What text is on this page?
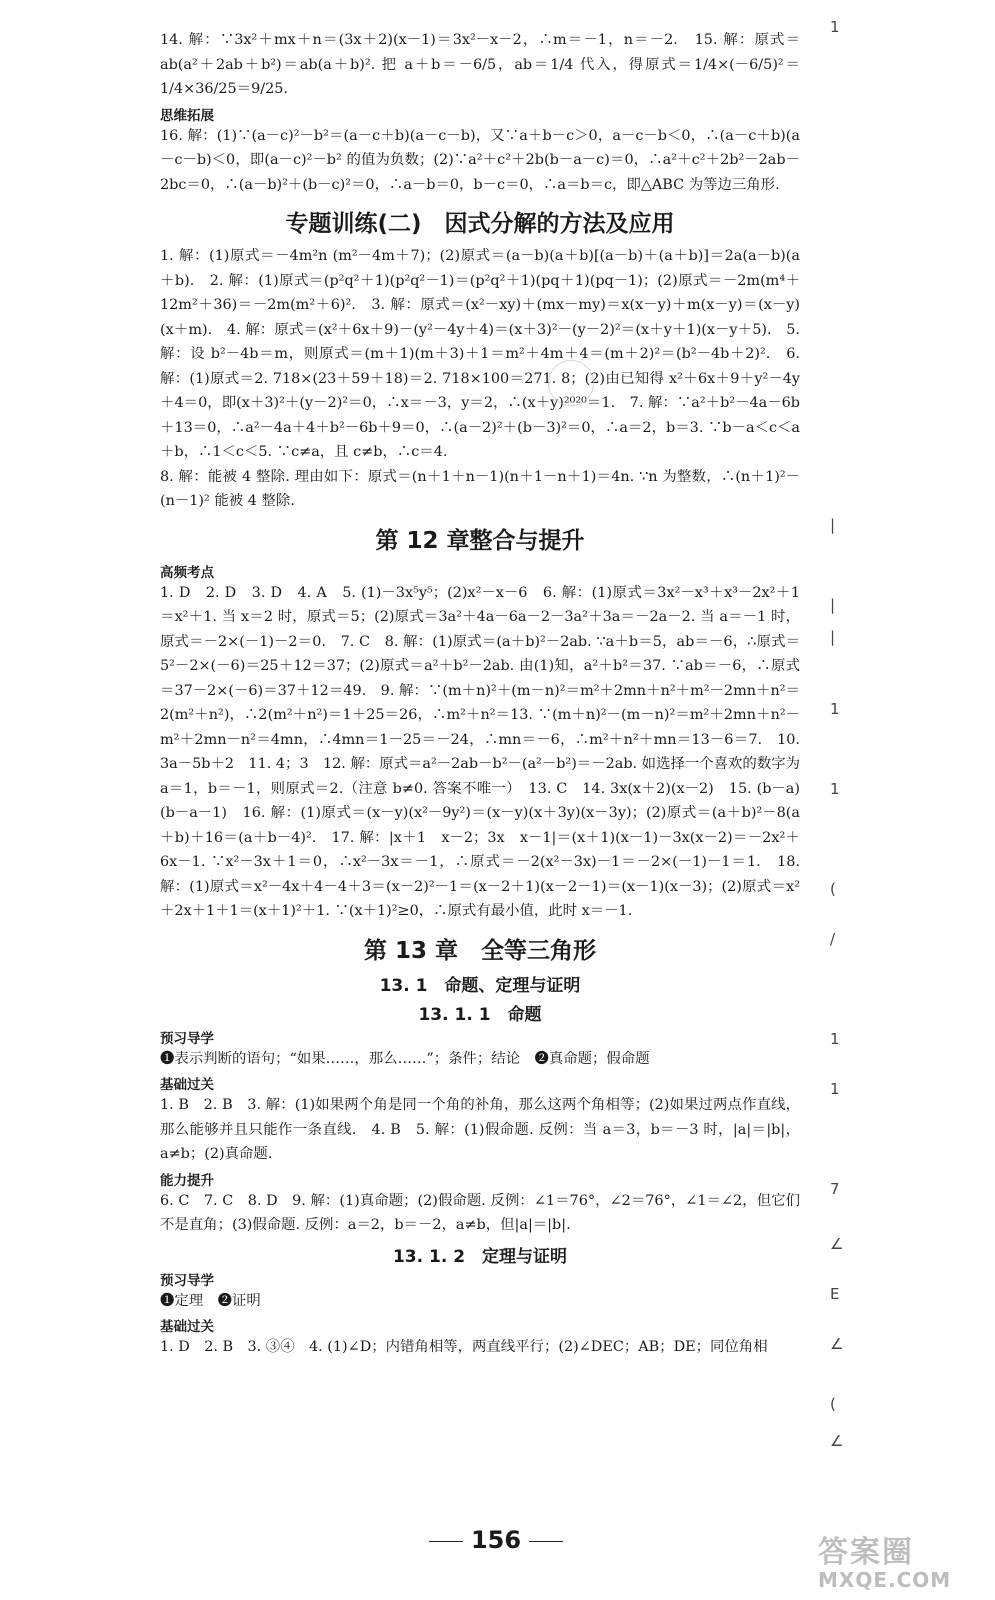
14. 解：∵3x²＋mx＋n＝(3x＋2)(x－1)＝3x²－x－2，∴m＝－1，n＝－2.　15. 解：原式＝ab(a²＋2ab＋b²)＝ab(a＋b)². 把 a＋b＝－6/5，ab＝1/4 代入，得原式＝1/4×(－6/5)²＝1/4×36/25＝9/25.
思维拓展
16. 解：(1)∵(a－c)²－b²＝(a－c＋b)(a－c－b)，又∵a＋b－c＞0，a－c－b＜0，∴(a－c＋b)(a－c－b)＜0，即(a－c)²－b² 的值为负数；(2)∵a²＋c²＋2b(b－a－c)＝0，∴a²＋c²＋2b²－2ab－2bc＝0，∴(a－b)²＋(b－c)²＝0，∴a－b＝0，b－c＝0，∴a＝b＝c，即△ABC 为等边三角形.
专题训练(二)　因式分解的方法及应用
1. 解：(1)原式＝－4m²n (m²－4m＋7)；(2)原式＝(a－b)(a＋b)[(a－b)＋(a＋b)]＝2a(a－b)(a＋b).　2. 解：(1)原式＝(p²q²＋1)(p²q²－1)＝(p²q²＋1)(pq＋1)(pq－1)；(2)原式＝－2m(m⁴＋12m²＋36)＝－2m(m²＋6)².　3. 解：原式＝(x²－xy)＋(mx－my)＝x(x－y)＋m(x－y)＝(x－y)(x＋m).　4. 解：原式＝(x²＋6x＋9)－(y²－4y＋4)＝(x＋3)²－(y－2)²＝(x＋y＋1)(x－y＋5).　5. 解：设 b²－4b＝m，则原式＝(m＋1)(m＋3)＋1＝m²＋4m＋4＝(m＋2)²＝(b²－4b＋2)².　6. 解：(1)原式＝2. 718×(23＋59＋18)＝2. 718×100＝271. 8；(2)由已知得 x²＋6x＋9＋y²－4y＋4＝0，即(x＋3)²＋(y－2)²＝0，∴x＝－3，y＝2，∴(x＋y)²⁰²⁰＝1.　7. 解：∵a²＋b²－4a－6b＋13＝0，∴a²－4a＋4＋b²－6b＋9＝0，∴(a－2)²＋(b－3)²＝0，∴a＝2，b＝3. ∵b－a＜c＜a＋b，∴1＜c＜5. ∵c≠a，且 c≠b，∴c＝4.
8. 解：能被 4 整除. 理由如下：原式＝(n＋1＋n－1)(n＋1－n＋1)＝4n. ∵n 为整数，∴(n＋1)²－(n－1)² 能被 4 整除.
第 12 章整合与提升
高频考点
1. D　2. D　3. D　4. A　5. (1)－3x⁵y⁵；(2)x²－x－6　6. 解：(1)原式＝3x²－x³＋x³－2x²＋1＝x²＋1. 当 x＝2 时，原式＝5；(2)原式＝3a²＋4a－6a－2－3a²＋3a＝－2a－2. 当 a＝－1 时，原式＝－2×(－1)－2＝0.　7. C　8. 解：(1)原式＝(a＋b)²－2ab. ∵a＋b＝5，ab＝－6，∴原式＝5²－2×(－6)＝25＋12＝37；(2)原式＝a²＋b²－2ab. 由(1)知，a²＋b²＝37. ∵ab＝－6，∴原式＝37－2×(－6)＝37＋12＝49.　9. 解：∵(m＋n)²＋(m－n)²＝m²＋2mn＋n²＋m²－2mn＋n²＝2(m²＋n²)，∴2(m²＋n²)＝1＋25＝26，∴m²＋n²＝13. ∵(m＋n)²－(m－n)²＝m²＋2mn＋n²－m²＋2mn－n²＝4mn，∴4mn＝1－25＝－24，∴mn＝－6，∴m²＋n²＋mn＝13－6＝7.　10. 3a－5b＋2　11. 4；3　12. 解：原式＝a²－2ab－b²－(a²－b²)＝－2ab. 如选择一个喜欢的数字为 a＝1，b＝－1，则原式＝2.（注意 b≠0. 答案不唯一）　13. C　14. 3x(x＋2)(x－2)　15. (b－a)(b－a－1)　16. 解：(1)原式＝(x－y)(x²－9y²)＝(x－y)(x＋3y)(x－3y)；(2)原式＝(a＋b)²－8(a＋b)＋16＝(a＋b－4)².　17. 解：|x＋1　x－2；3x　x－1|＝(x＋1)(x－1)－3x(x－2)＝－2x²＋6x－1. ∵x²－3x＋1＝0，∴x²－3x＝－1，∴原式＝－2(x²－3x)－1＝－2×(－1)－1＝1.　18. 解：(1)原式＝x²－4x＋4－4＋3＝(x－2)²－1＝(x－2＋1)(x－2－1)＝(x－1)(x－3)；(2)原式＝x²＋2x＋1＋1＝(x＋1)²＋1. ∵(x＋1)²≥0，∴原式有最小值，此时 x＝－1.
第 13 章　全等三角形
13. 1　命题、定理与证明
13. 1. 1　命题
预习导学
❶表示判断的语句；“如果……，那么……”；条件；结论　❷真命题；假命题
基础过关
1. B　2. B　3. 解：(1)如果两个角是同一个角的补角，那么这两个角相等；(2)如果过两点作直线，那么能够并且只能作一条直线.　4. B　5. 解：(1)假命题. 反例：当 a＝3，b＝－3 时，|a|＝|b|，a≠b；(2)真命题.
能力提升
6. C　7. C　8. D　9. 解：(1)真命题；(2)假命题. 反例：∠1＝76°，∠2＝76°，∠1＝∠2，但它们不是直角；(3)假命题. 反例：a＝2，b＝－2，a≠b，但|a|＝|b|.
13. 1. 2　定理与证明
预习导学
❶定理　❷证明
基础过关
1. D　2. B　3. ③④　4. (1)∠D；内错角相等，两直线平行；(2)∠DEC；AB；DE；同位角相
1
|
|
|
1
1
(
/
1
1
7
∠
E
∠
(
∠
156	答案圈
MXQE.COM
